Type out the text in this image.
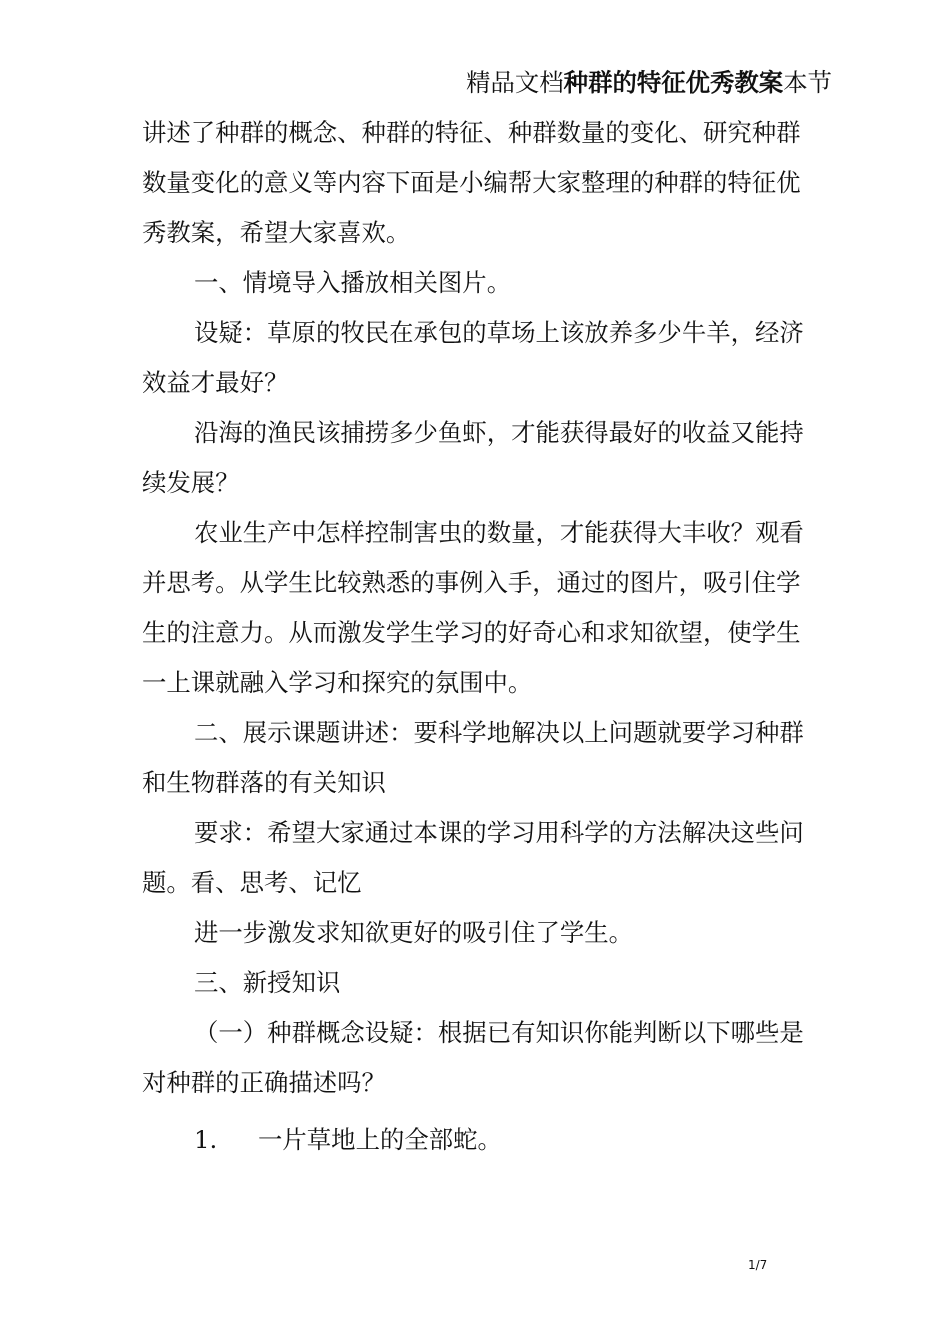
精品文档种群的特征优秀教案本节
讲述了种群的概念、种群的特征、种群数量的变化、研究种群
数量变化的意义等内容下面是小编帮大家整理的种群的特征优
秀教案，希望大家喜欢。
一、情境导入播放相关图片。
设疑：草原的牧民在承包的草场上该放养多少牛羊，经济
效益才最好？
沿海的渔民该捕捞多少鱼虾，才能获得最好的收益又能持
续发展？
农业生产中怎样控制害虫的数量，才能获得大丰收？观看
并思考。从学生比较熟悉的事例入手，通过的图片，吸引住学
生的注意力。从而激发学生学习的好奇心和求知欲望，使学生
一上课就融入学习和探究的氛围中。
二、展示课题讲述：要科学地解决以上问题就要学习种群
和生物群落的有关知识
要求：希望大家通过本课的学习用科学的方法解决这些问
题。看、思考、记忆
进一步激发求知欲更好的吸引住了学生。
三、新授知识
（一）种群概念设疑：根据已有知识你能判断以下哪些是
对种群的正确描述吗？
1. 一片草地上的全部蛇。
1/7
